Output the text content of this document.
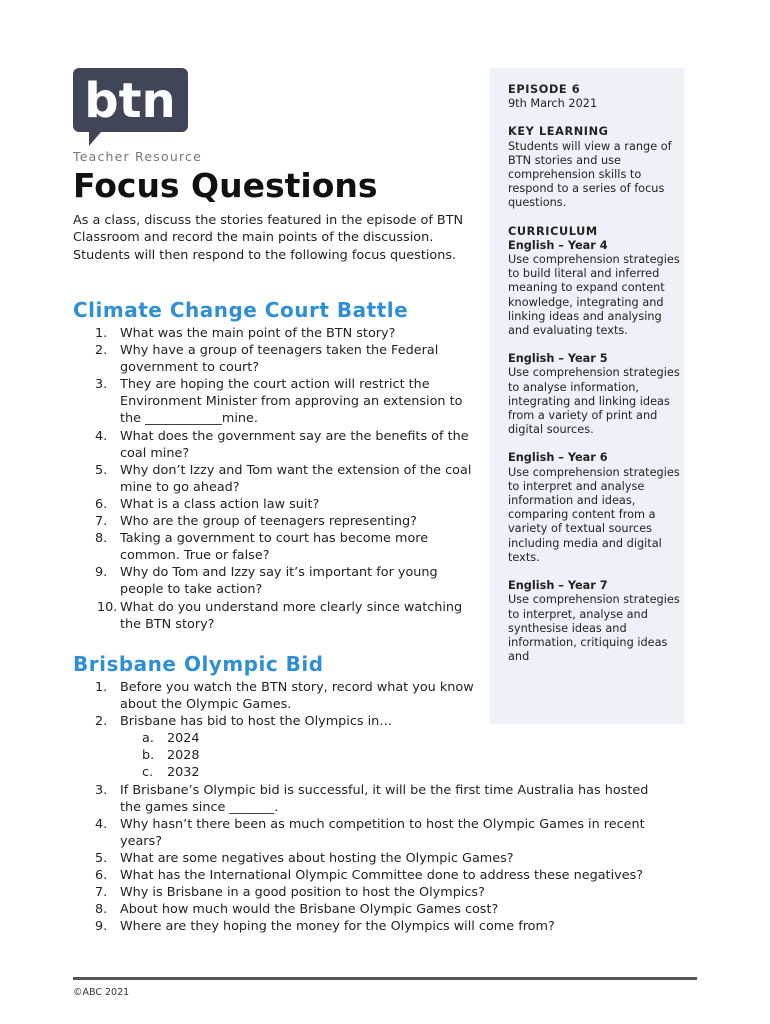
btn
Teacher Resource
Focus Questions
As a class, discuss the stories featured in the episode of BTN Classroom and record the main points of the discussion. Students will then respond to the following focus questions.
EPISODE 6
9th March 2021
KEY LEARNING
Students will view a range of BTN stories and use comprehension skills to respond to a series of focus questions.
CURRICULUM
English – Year 4
Use comprehension strategies to build literal and inferred meaning to expand content knowledge, integrating and linking ideas and analysing and evaluating texts.
English – Year 5
Use comprehension strategies to analyse information, integrating and linking ideas from a variety of print and digital sources.
English – Year 6
Use comprehension strategies to interpret and analyse information and ideas, comparing content from a variety of textual sources including media and digital texts.
English – Year 7
Use comprehension strategies to interpret, analyse and synthesise ideas and information, critiquing ideas and
Climate Change Court Battle
1. What was the main point of the BTN story?
2. Why have a group of teenagers taken the Federal government to court?
3. They are hoping the court action will restrict the Environment Minister from approving an extension to the ____________mine.
4. What does the government say are the benefits of the coal mine?
5. Why don’t Izzy and Tom want the extension of the coal mine to go ahead?
6. What is a class action law suit?
7. Who are the group of teenagers representing?
8. Taking a government to court has become more common. True or false?
9. Why do Tom and Izzy say it’s important for young people to take action?
10. What do you understand more clearly since watching the BTN story?
Brisbane Olympic Bid
1. Before you watch the BTN story, record what you know about the Olympic Games.
2. Brisbane has bid to host the Olympics in…
a. 2024
b. 2028
c. 2032
3. If Brisbane’s Olympic bid is successful, it will be the first time Australia has hosted the games since _______.
4. Why hasn’t there been as much competition to host the Olympic Games in recent years?
5. What are some negatives about hosting the Olympic Games?
6. What has the International Olympic Committee done to address these negatives?
7. Why is Brisbane in a good position to host the Olympics?
8. About how much would the Brisbane Olympic Games cost?
9. Where are they hoping the money for the Olympics will come from?
©ABC 2021
